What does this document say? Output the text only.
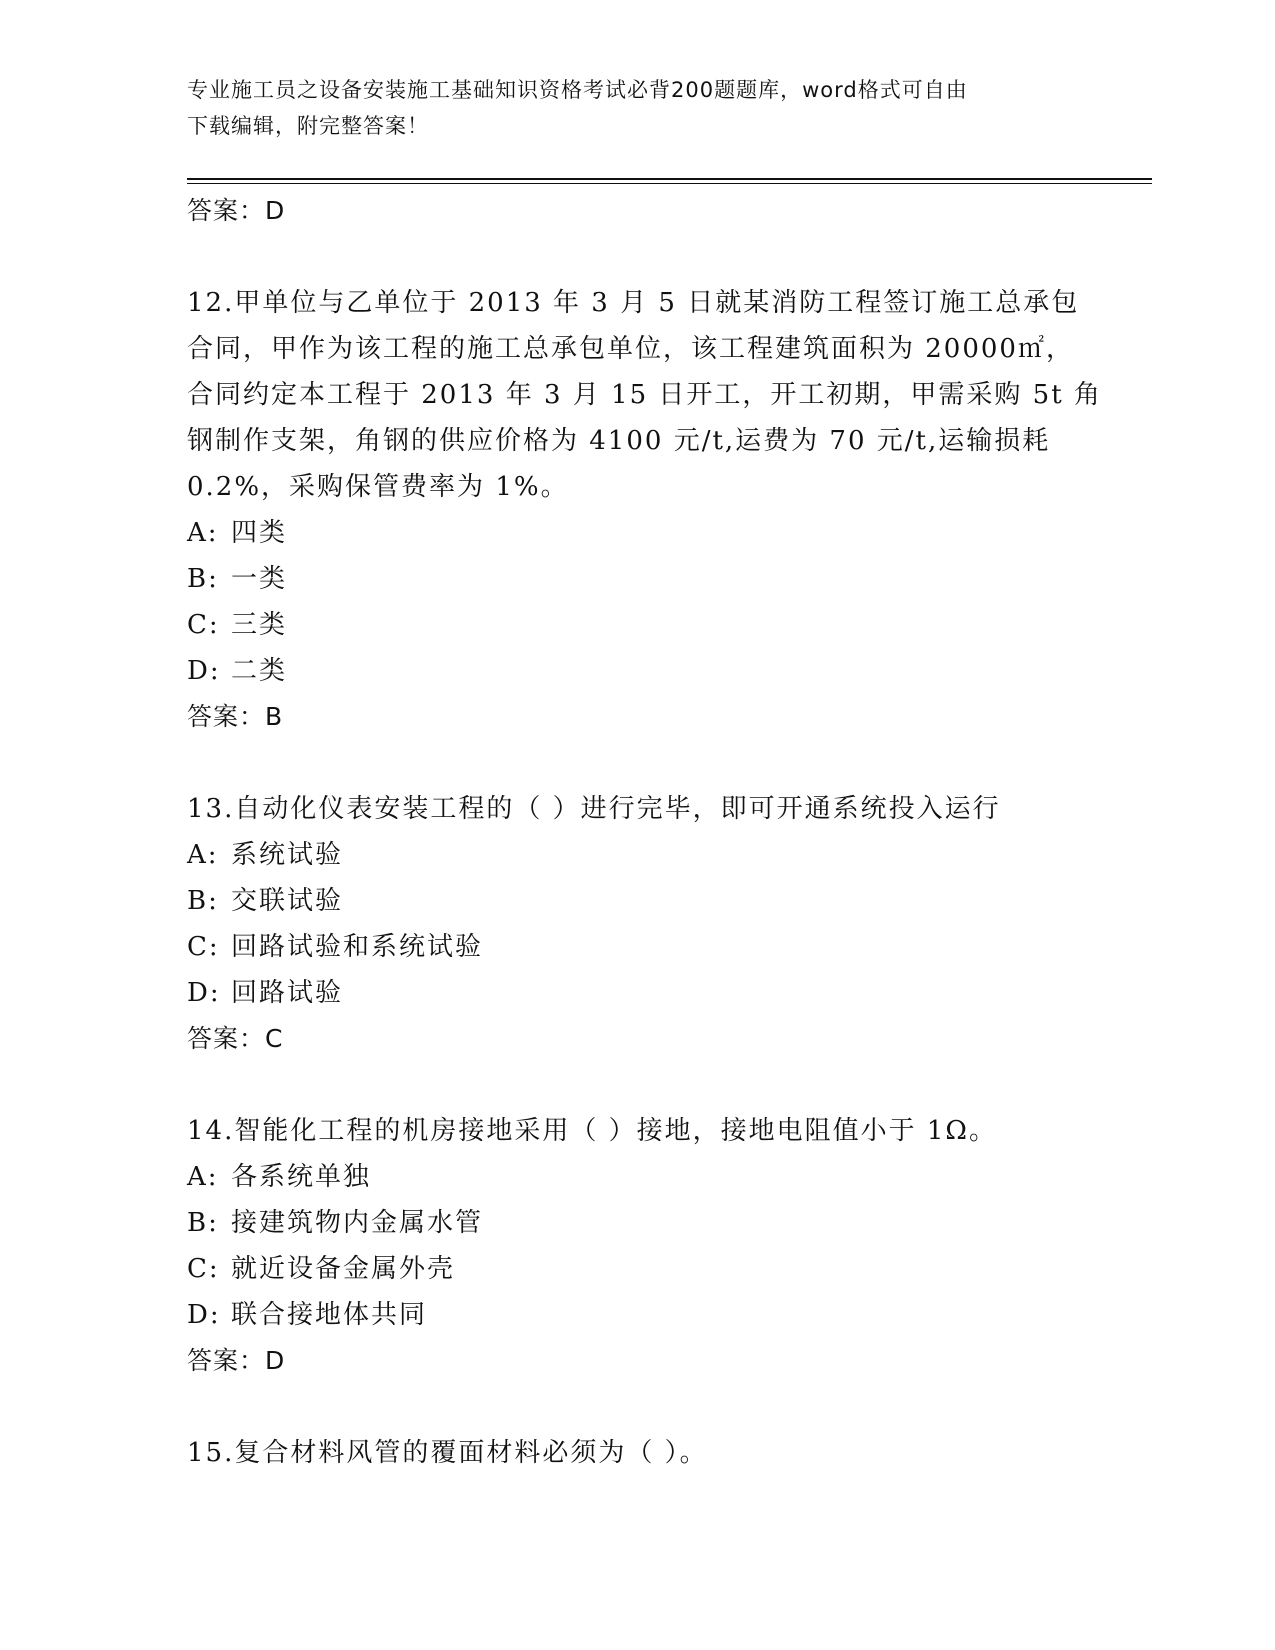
专业施工员之设备安装施工基础知识资格考试必背200题题库，word格式可自由
下载编辑，附完整答案！
答案：D
12.甲单位与乙单位于 2013 年 3 月 5 日就某消防工程签订施工总承包
合同，甲作为该工程的施工总承包单位，该工程建筑面积为 20000㎡，
合同约定本工程于 2013 年 3 月 15 日开工，开工初期，甲需采购 5t 角
钢制作支架，角钢的供应价格为 4100 元/t,运费为 70 元/t,运输损耗
0.2%，采购保管费率为 1%。
A: 四类
B: 一类
C: 三类
D: 二类
答案：B
13.自动化仪表安装工程的（ ）进行完毕，即可开通系统投入运行
A: 系统试验
B: 交联试验
C: 回路试验和系统试验
D: 回路试验
答案：C
14.智能化工程的机房接地采用（ ）接地，接地电阻值小于 1Ω。
A: 各系统单独
B: 接建筑物内金属水管
C: 就近设备金属外壳
D: 联合接地体共同
答案：D
15.复合材料风管的覆面材料必须为（ ）。
